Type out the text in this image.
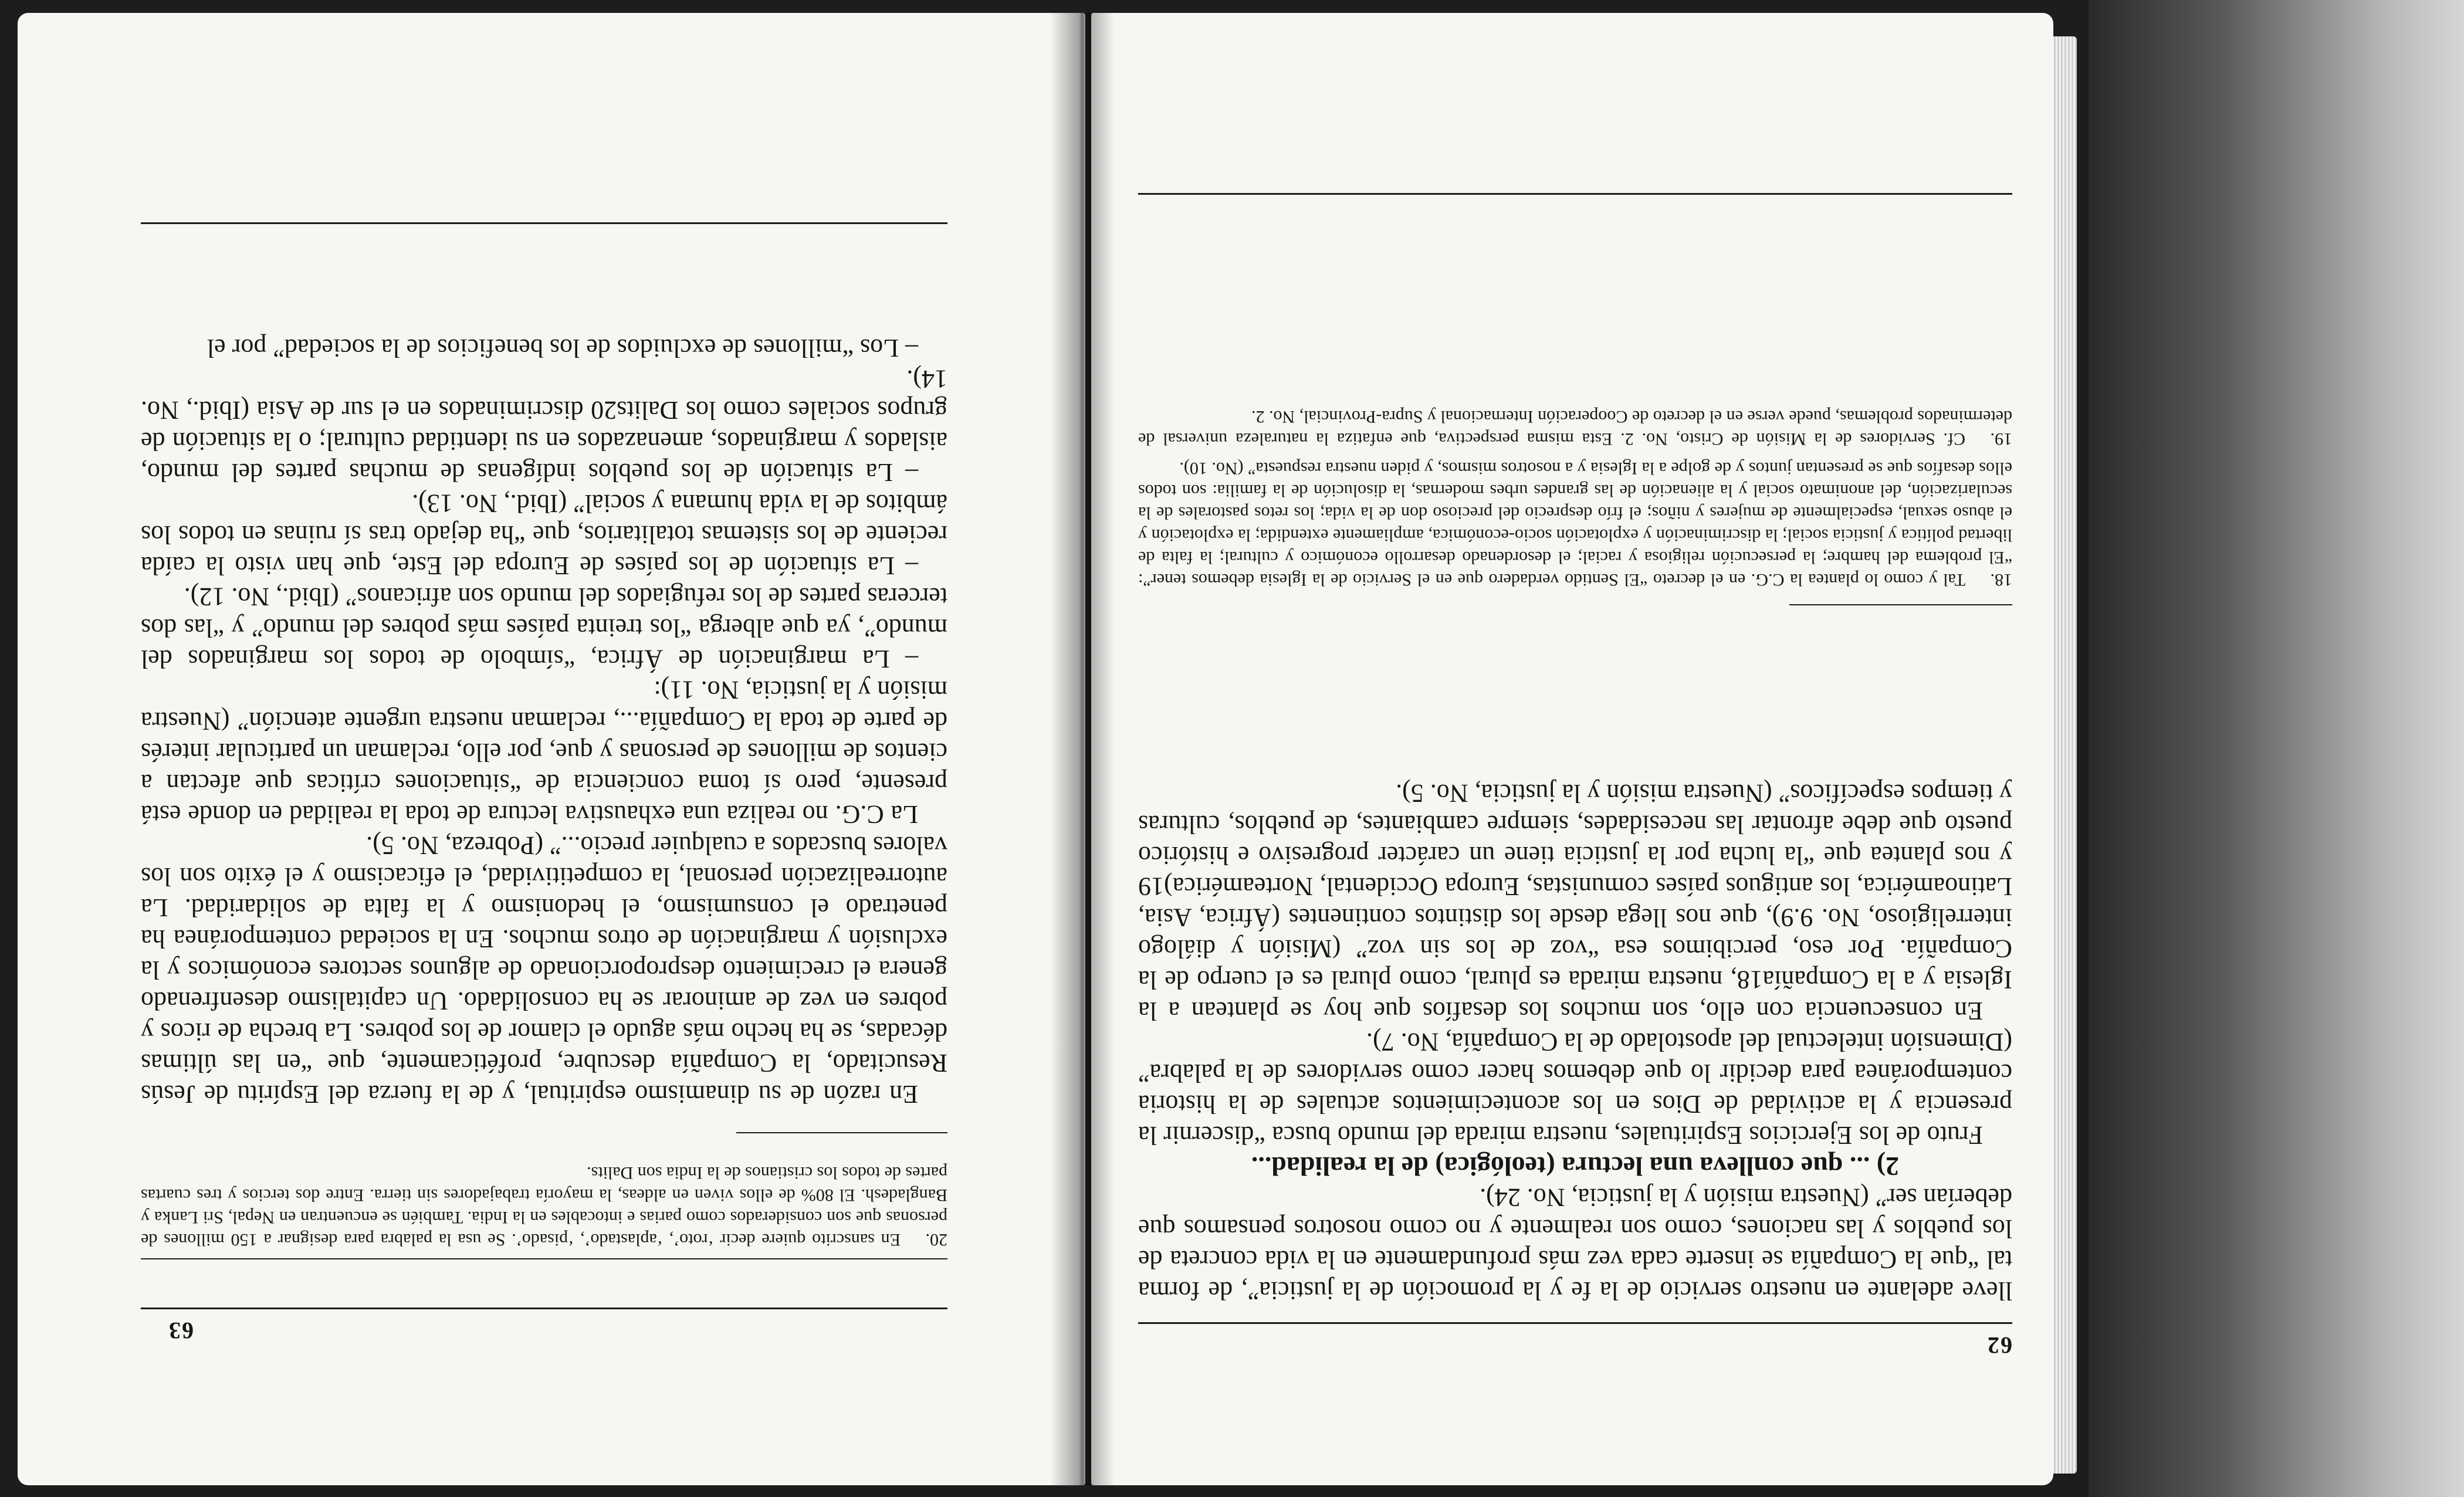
62

lleve adelante en nuestro servicio de la fe y la promoción de la justicia”, de forma tal “que la Compañía se inserte cada vez más profundamente en la vida concreta de los pueblos y las naciones, como son realmente y no como nosotros pensamos que deberían ser” (Nuestra misión y la justicia, No. 24).

2) ... que conlleva una lectura (teológica) de la realidad...

Fruto de los Ejercicios Espirituales, nuestra mirada del mundo busca “discernir la presencia y la actividad de Dios en los acontecimientos actuales de la historia contemporánea para decidir lo que debemos hacer como servidores de la palabra” (Dimensión intelectual del apostolado de la Compañía, No. 7).

En consecuencia con ello, son muchos los desafíos que hoy se plantean a la Iglesia y a la Compañía18, nuestra mirada es plural, como plural es el cuerpo de la Compañía. Por eso, percibimos esa “voz de los sin voz” (Misión y diálogo interreligioso, No. 9.9), que nos llega desde los distintos continentes (África, Asia, Latinoamérica, los antiguos países comunistas, Europa Occidental, Norteamérica)19 y nos plantea que “la lucha por la justicia tiene un carácter progresivo e histórico puesto que debe afrontar las necesidades, siempre cambiantes, de pueblos, culturas y tiempos específicos” (Nuestra misión y la justicia, No. 5).

18.Tal y como lo plantea la C.G. en el decreto “El Sentido verdadero que en el Servicio de la Iglesia debemos tener”: “El problema del hambre; la persecución religiosa y racial; el desordenado desarrollo económico y cultural; la falta de libertad política y justicia social; la discriminación y explotación socio-económica, ampliamente extendida; la explotación y el abuso sexual, especialmente de mujeres y niños; el frío desprecio del precioso don de la vida; los retos pastorales de la secularización, del anonimato social y la alienación de las grandes urbes modernas, la disolución de la familia: son todos ellos desafíos que se presentan juntos y de golpe a la Iglesia y a nosotros mismos, y piden nuestra respuesta” (No. 10).

19.Cf. Servidores de la Misión de Cristo, No. 2. Esta misma perspectiva, que enfatiza la naturaleza universal de determinados problemas, puede verse en el decreto de Cooperación Internacional y Supra-Provincial, No. 2.

63

20.En sanscrito quiere decir ‘roto’, ‘aplastado’, ‘pisado’. Se usa la palabra para designar a 150 millones de personas que son considerados como parias e intocables en la India. También se encuentran en Nepal, Sri Lanka y Bangladesh. El 80% de ellos viven en aldeas, la mayoría trabajadores sin tierra. Entre dos tercios y tres cuartas partes de todos los cristianos de la India son Dalits.

En razón de su dinamismo espiritual, y de la fuerza del Espíritu de Jesús Resucitado, la Compañía descubre, proféticamente, que “en las últimas décadas, se ha hecho más agudo el clamor de los pobres. La brecha de ricos y pobres en vez de aminorar se ha consolidado. Un capitalismo desenfrenado genera el crecimiento desproporcionado de algunos sectores económicos y la exclusión y marginación de otros muchos. En la sociedad contemporánea ha penetrado el consumismo, el hedonismo y la falta de solidaridad. La autorrealización personal, la competitividad, el eficacismo y el éxito son los valores buscados a cualquier precio...” (Pobreza, No. 5).

La C.G. no realiza una exhaustiva lectura de toda la realidad en donde está presente, pero sí toma conciencia de “situaciones críticas que afectan a cientos de millones de personas y que, por ello, reclaman un particular interés de parte de toda la Compañía..., reclaman nuestra urgente atención” (Nuestra misión y la justicia, No. 11):

– La marginación de África, “símbolo de todos los marginados del mundo”, ya que alberga “los treinta países más pobres del mundo” y “las dos terceras partes de los refugiados del mundo son africanos” (Ibid., No. 12).

– La situación de los países de Europa del Este, que han visto la caída reciente de los sistemas totalitarios, que “ha dejado tras sí ruinas en todos los ámbitos de la vida humana y social” (Ibid., No. 13).

– La situación de los pueblos indígenas de muchas partes del mundo, aislados y marginados, amenazados en su identidad cultural; o la situación de grupos sociales como los Dalits20 discriminados en el sur de Asia (Ibid., No. 14).

– Los “millones de excluidos de los beneficios de la sociedad” por el
